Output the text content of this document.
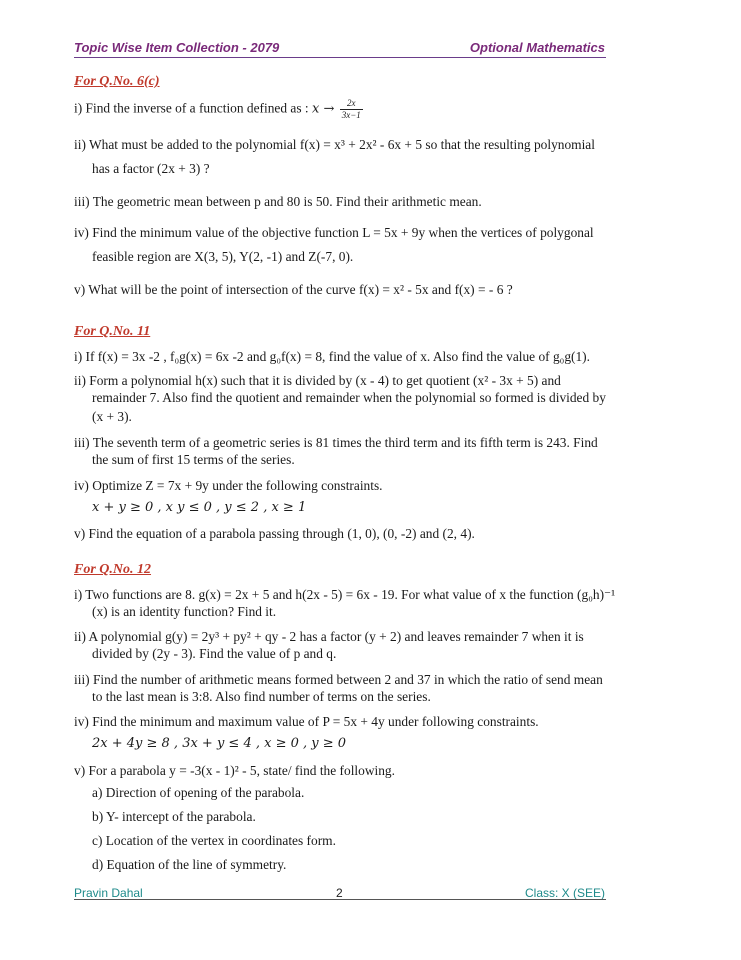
Topic Wise Item Collection - 2079	Optional Mathematics
For Q.No. 6(c)
i) Find the inverse of a function defined as : $x \to \frac{2x}{3x-1}$
ii) What must be added to the polynomial f(x) = x³ + 2x² - 6x + 5 so that the resulting polynomial
has a factor (2x + 3) ?
iii) The geometric mean between p and 80 is 50. Find their arithmetic mean.
iv) Find the minimum value of the objective function L = 5x + 9y when the vertices of polygonal
feasible region are X(3, 5), Y(2, -1) and Z(-7, 0).
v) What will be the point of intersection of the curve f(x) = x² - 5x and f(x) = - 6 ?
For Q.No. 11
i) If f(x) = 3x -2 , f₀g(x) = 6x -2 and g₀f(x) = 8, find the value of x. Also find the value of g₀g(1).
ii) Form a polynomial h(x) such that it is divided by (x - 4) to get quotient (x² - 3x + 5) and
remainder 7. Also find the quotient and remainder when the polynomial so formed is divided by
(x + 3).
iii) The seventh term of a geometric series is 81 times the third term and its fifth term is 243. Find
the sum of first 15 terms of the series.
iv) Optimize Z = 7x + 9y under the following constraints.
x + y ≥ 0 , x y ≤ 0 , y ≤ 2 , x ≥ 1
v) Find the equation of a parabola passing through (1, 0), (0, -2) and (2, 4).
For Q.No. 12
i) Two functions are 8. g(x) = 2x + 5 and h(2x - 5) = 6x - 19. For what value of x the function (g₀h)⁻¹
(x) is an identity function? Find it.
ii) A polynomial g(y) = 2y³ + py² + qy - 2 has a factor (y + 2) and leaves remainder 7 when it is
divided by (2y - 3). Find the value of p and q.
iii) Find the number of arithmetic means formed between 2 and 37 in which the ratio of send mean
to the last mean is 3:8. Also find number of terms on the series.
iv) Find the minimum and maximum value of P = 5x + 4y under following constraints.
2x + 4y ≥ 8 , 3x + y ≤ 4 , x ≥ 0 , y ≥ 0
v) For a parabola y = -3(x - 1)² - 5, state/ find the following.
a) Direction of opening of the parabola.
b) Y- intercept of the parabola.
c) Location of the vertex in coordinates form.
d) Equation of the line of symmetry.
Pravin Dahal	2	Class: X (SEE)
